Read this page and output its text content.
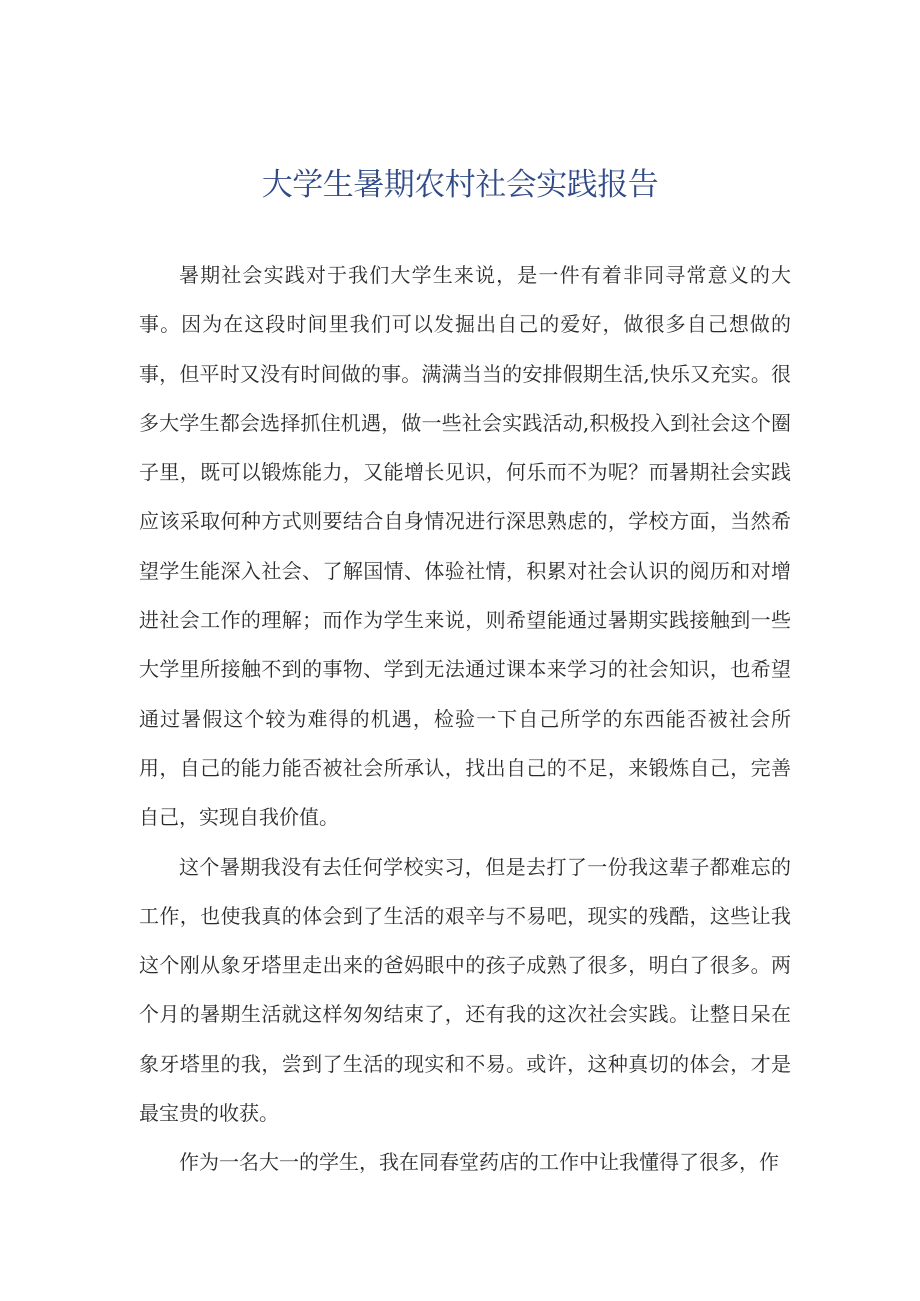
大学生暑期农村社会实践报告

暑期社会实践对于我们大学生来说，是一件有着非同寻常意义的大事。因为在这段时间里我们可以发掘出自己的爱好，做很多自己想做的事，但平时又没有时间做的事。满满当当的安排假期生活,快乐又充实。很多大学生都会选择抓住机遇，做一些社会实践活动,积极投入到社会这个圈子里，既可以锻炼能力，又能增长见识，何乐而不为呢？而暑期社会实践应该采取何种方式则要结合自身情况进行深思熟虑的，学校方面，当然希望学生能深入社会、了解国情、体验社情，积累对社会认识的阅历和对增进社会工作的理解；而作为学生来说，则希望能通过暑期实践接触到一些大学里所接触不到的事物、学到无法通过课本来学习的社会知识，也希望通过暑假这个较为难得的机遇，检验一下自己所学的东西能否被社会所用，自己的能力能否被社会所承认，找出自己的不足，来锻炼自己，完善自己，实现自我价值。

这个暑期我没有去任何学校实习，但是去打了一份我这辈子都难忘的工作，也使我真的体会到了生活的艰辛与不易吧，现实的残酷，这些让我这个刚从象牙塔里走出来的爸妈眼中的孩子成熟了很多，明白了很多。两个月的暑期生活就这样匆匆结束了，还有我的这次社会实践。让整日呆在象牙塔里的我，尝到了生活的现实和不易。或许，这种真切的体会，才是最宝贵的收获。

作为一名大一的学生，我在同春堂药店的工作中让我懂得了很多，作
